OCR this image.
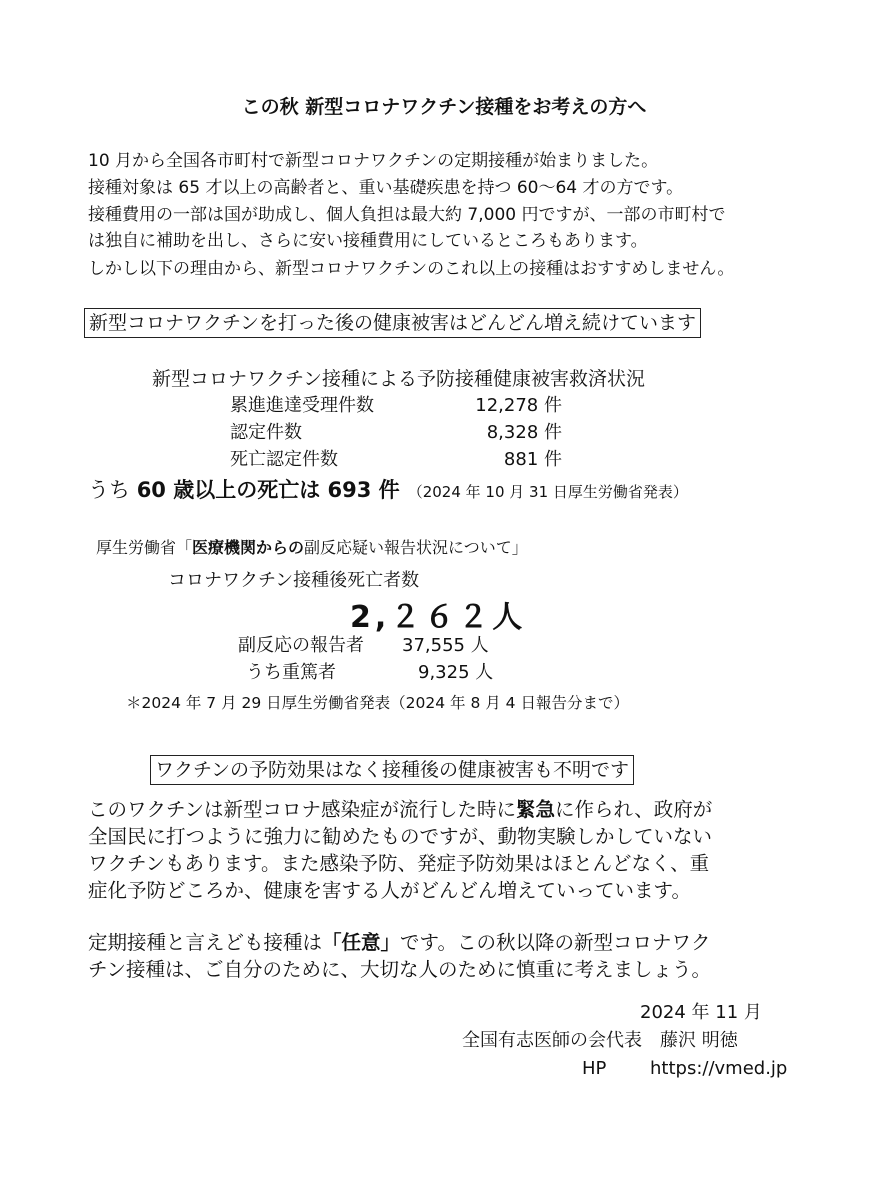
この秋 新型コロナワクチン接種をお考えの方へ

10 月から全国各市町村で新型コロナワクチンの定期接種が始まりました。

接種対象は 65 才以上の高齢者と、重い基礎疾患を持つ 60〜64 才の方です。

接種費用の一部は国が助成し、個人負担は最大約 7,000 円ですが、一部の市町村で

は独自に補助を出し、さらに安い接種費用にしているところもあります。

しかし以下の理由から、新型コロナワクチンのこれ以上の接種はおすすめしません。

新型コロナワクチンを打った後の健康被害はどんどん増え続けています
新型コロナワクチン接種による予防接種健康被害救済状況
累進進達受理件数	12,278 件
認定件数	8,328 件
死亡認定件数	881 件
うち 60 歳以上の死亡は 693 件 （2024 年 10 月 31 日厚生労働省発表）
厚生労働省「医療機関からの副反応疑い報告状況について」
コロナワクチン接種後死亡者数
2,２６２人
副反応の報告者 37,555 人
うち重篤者	9,325 人
＊2024 年 7 月 29 日厚生労働省発表（2024 年 8 月 4 日報告分まで）
ワクチンの予防効果はなく接種後の健康被害も不明です

このワクチンは新型コロナ感染症が流行した時に緊急に作られ、政府が

全国民に打つように強力に勧めたものですが、動物実験しかしていない

ワクチンもあります。また感染予防、発症予防効果はほとんどなく、重

症化予防どころか、健康を害する人がどんどん増えていっています。

定期接種と言えども接種は「任意」です。この秋以降の新型コロナワク

チン接種は、ご自分のために、大切な人のために慎重に考えましょう。

2024 年 11 月
全国有志医師の会代表　藤沢 明徳
HP https://vmed.jp
